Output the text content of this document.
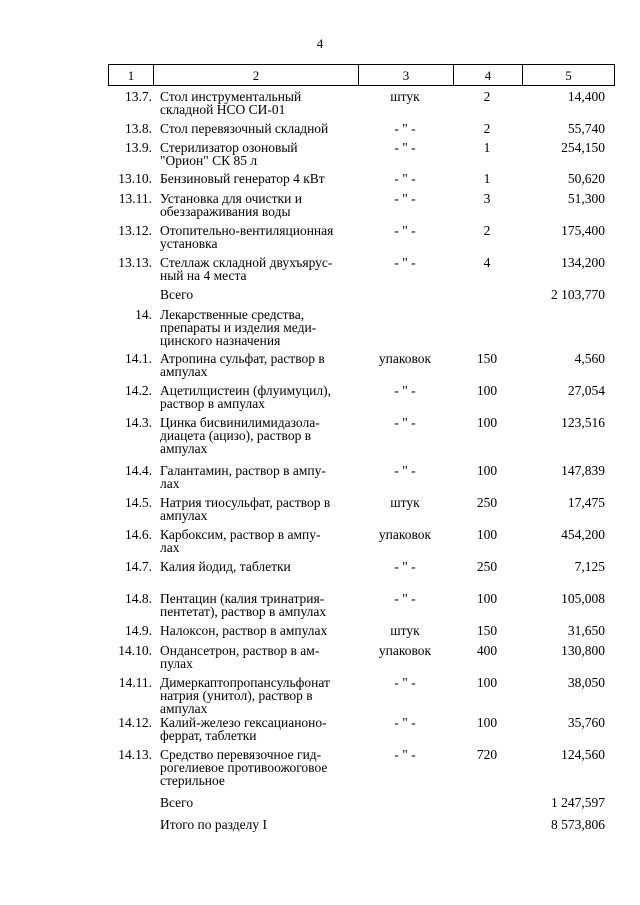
4
1	2	3	4	5
13.7. Стол инструментальный
складной НСО СИ-01
штук	2	14,400
13.8. Стол перевязочный складной	- " -	2	55,740
13.9. Стерилизатор озоновый
"Орион" СК 85 л
- " -	1	254,150
13.10. Бензиновый генератор 4 кВт	- " -	1	50,620
13.11. Установка для очистки и
обеззараживания воды
- " -	3	51,300
13.12. Отопительно-вентиляционная
установка
- " -	2	175,400
13.13. Стеллаж складной двухъярус-
ный на 4 места
- " -	4	134,200
Всего	2 103,770
14. Лекарственные средства,
препараты и изделия меди-
цинского назначения
14.1. Атропина сульфат, раствор в
ампулах
упаковок	150	4,560
14.2. Ацетилцистеин (флуимуцил),
раствор в ампулах
- " -	100	27,054
14.3. Цинка бисвинилимидазола-
диацета (ацизо), раствор в
ампулах
- " -	100	123,516
14.4. Галантамин, раствор в ампу-
лах
- " -	100	147,839
14.5. Натрия тиосульфат, раствор в
ампулах
штук	250	17,475
14.6. Карбоксим, раствор в ампу-
лах
упаковок	100	454,200
14.7. Калия йодид, таблетки	- " -	250	7,125
14.8. Пентацин (калия тринатрия-
пентетат), раствор в ампулах
- " -	100	105,008
14.9. Налоксон, раствор в ампулах	штук	150	31,650
14.10. Ондансетрон, раствор в ам-
пулах
упаковок	400	130,800
14.11. Димеркаптопропансульфонат
натрия (унитол), раствор в
ампулах
- " -	100	38,050
14.12. Калий-железо гексацианоно-
феррат, таблетки
- " -	100	35,760
14.13. Средство перевязочное гид-
рогелиевое противоожоговое
стерильное
- " -	720	124,560
Всего	1 247,597
Итого по разделу I	8 573,806
